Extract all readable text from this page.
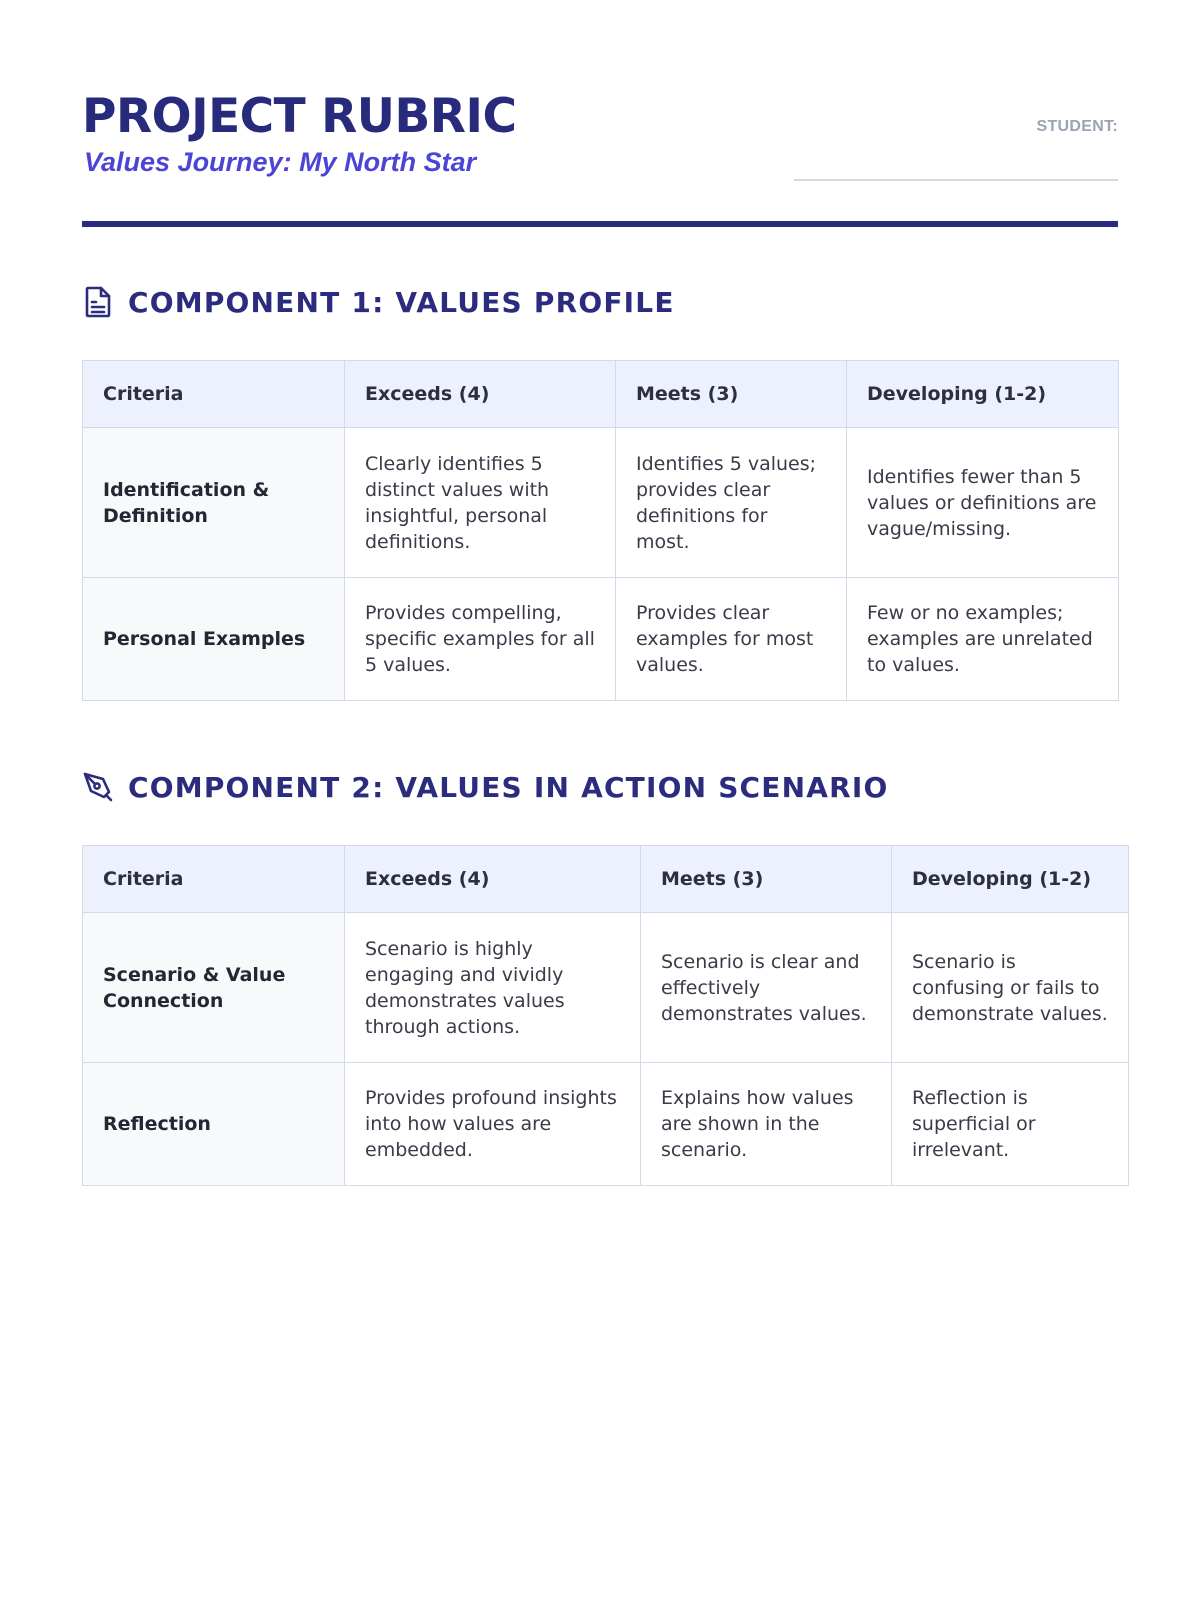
PROJECT RUBRIC
Values Journey: My North Star
STUDENT:
COMPONENT 1: VALUES PROFILE
Criteria	Exceeds (4)	Meets (3)	Developing (1-2)
Identification & Definition	Clearly identifies 5 distinct values with insightful, personal definitions.	Identifies 5 values; provides clear definitions for most.	Identifies fewer than 5 values or definitions are vague/missing.
Personal Examples	Provides compelling, specific examples for all 5 values.	Provides clear examples for most values.	Few or no examples; examples are unrelated to values.
COMPONENT 2: VALUES IN ACTION SCENARIO
Criteria	Exceeds (4)	Meets (3)	Developing (1-2)
Scenario & Value Connection	Scenario is highly engaging and vividly demonstrates values through actions.	Scenario is clear and effectively demonstrates values.	Scenario is confusing or fails to demonstrate values.
Reflection	Provides profound insights into how values are embedded.	Explains how values are shown in the scenario.	Reflection is superficial or irrelevant.
